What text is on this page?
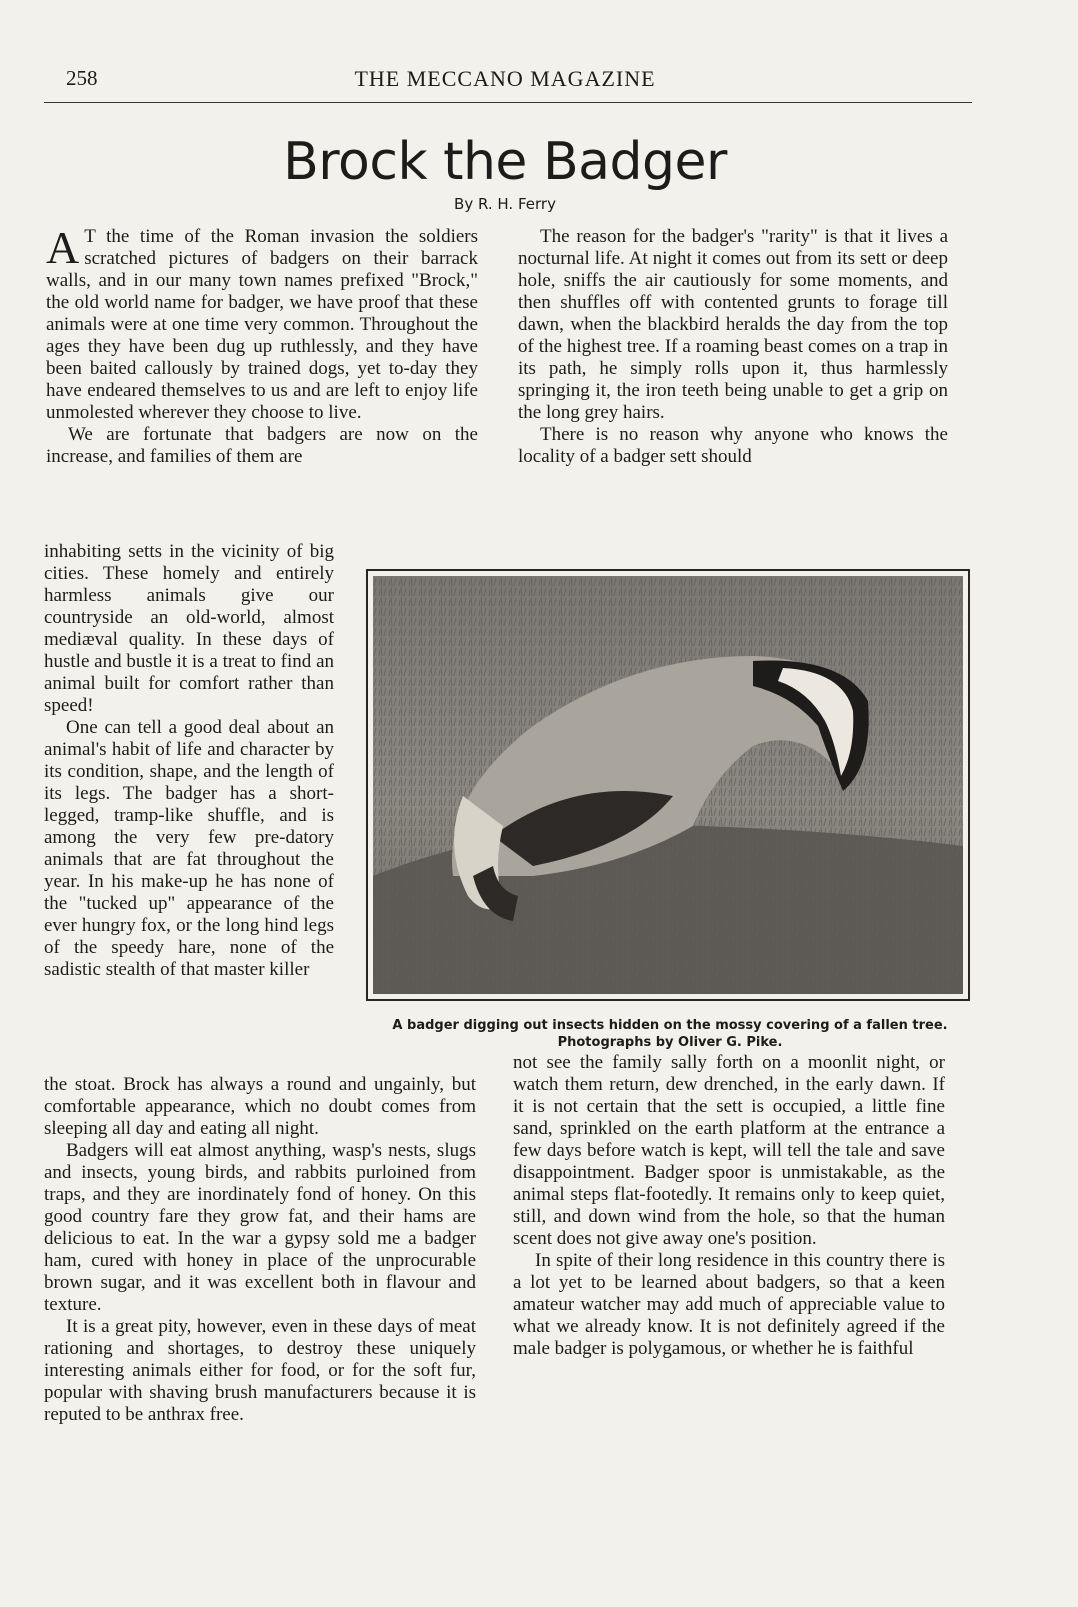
258	THE MECCANO MAGAZINE
Brock the Badger
By R. H. Ferry

A T the time of the Roman invasion the soldiers scratched pictures of badgers on their barrack walls, and in our many town names prefixed "Brock," the old world name for badger, we have proof that these animals were at one time very common. Throughout the ages they have been dug up ruthlessly, and they have been baited callously by trained dogs, yet to-day they have endeared themselves to us and are left to enjoy life unmolested wherever they choose to live.

We are fortunate that badgers are now on the increase, and families of them are

inhabiting setts in the vicinity of big cities. These homely and entirely harmless animals give our countryside an old-world, almost mediæval quality. In these days of hustle and bustle it is a treat to find an animal built for comfort rather than speed!

One can tell a good deal about an animal's habit of life and character by its condition, shape, and the length of its legs. The badger has a short-legged, tramp-like shuffle, and is among the very few pre-datory animals that are fat throughout the year. In his make-up he has none of the "tucked up" appearance of the ever hungry fox, or the long hind legs of the speedy hare, none of the sadistic stealth of that master killer

the stoat. Brock has always a round and ungainly, but comfortable appearance, which no doubt comes from sleeping all day and eating all night.

Badgers will eat almost anything, wasp's nests, slugs and insects, young birds, and rabbits purloined from traps, and they are inordinately fond of honey. On this good country fare they grow fat, and their hams are delicious to eat. In the war a gypsy sold me a badger ham, cured with honey in place of the unprocurable brown sugar, and it was excellent both in flavour and texture.

It is a great pity, however, even in these days of meat rationing and shortages, to destroy these uniquely interesting animals either for food, or for the soft fur, popular with shaving brush manufacturers because it is reputed to be anthrax free.

The reason for the badger's "rarity" is that it lives a nocturnal life. At night it comes out from its sett or deep hole, sniffs the air cautiously for some moments, and then shuffles off with contented grunts to forage till dawn, when the blackbird heralds the day from the top of the highest tree. If a roaming beast comes on a trap in its path, he simply rolls upon it, thus harmlessly springing it, the iron teeth being unable to get a grip on the long grey hairs.

There is no reason why anyone who knows the locality of a badger sett should

A badger digging out insects hidden on the mossy covering of a fallen tree.
Photographs by Oliver G. Pike.

not see the family sally forth on a moonlit night, or watch them return, dew drenched, in the early dawn. If it is not certain that the sett is occupied, a little fine sand, sprinkled on the earth platform at the entrance a few days before watch is kept, will tell the tale and save disappointment. Badger spoor is unmistakable, as the animal steps flat-footedly. It remains only to keep quiet, still, and down wind from the hole, so that the human scent does not give away one's position.

In spite of their long residence in this country there is a lot yet to be learned about badgers, so that a keen amateur watcher may add much of appreciable value to what we already know. It is not definitely agreed if the male badger is polygamous, or whether he is faithful
